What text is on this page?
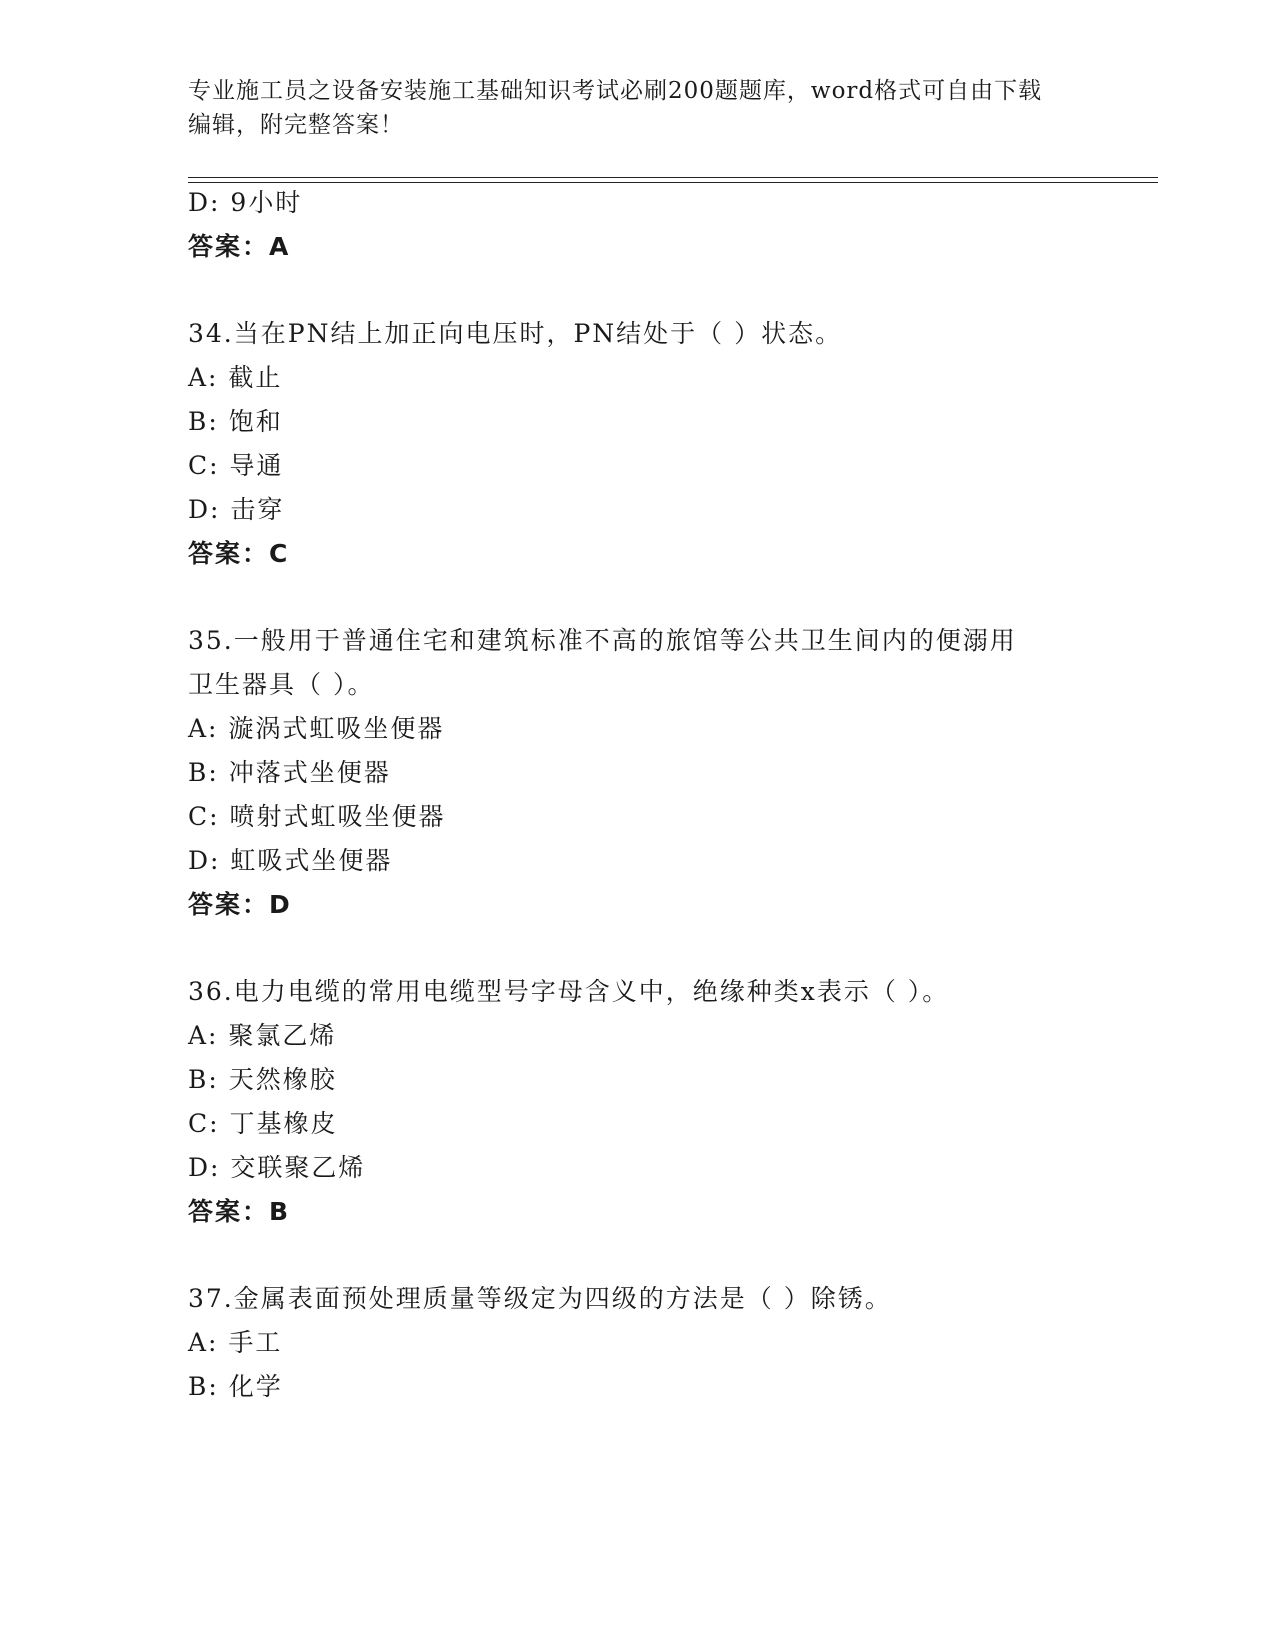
专业施工员之设备安装施工基础知识考试必刷200题题库，word格式可自由下载
编辑，附完整答案！
D: 9小时
答案：A
34.当在PN结上加正向电压时，PN结处于（ ）状态。
A: 截止
B: 饱和
C: 导通
D: 击穿
答案：C
35.一般用于普通住宅和建筑标准不高的旅馆等公共卫生间内的便溺用
卫生器具（ ）。
A: 漩涡式虹吸坐便器
B: 冲落式坐便器
C: 喷射式虹吸坐便器
D: 虹吸式坐便器
答案：D
36.电力电缆的常用电缆型号字母含义中，绝缘种类x表示（ ）。
A: 聚氯乙烯
B: 天然橡胶
C: 丁基橡皮
D: 交联聚乙烯
答案：B
37.金属表面预处理质量等级定为四级的方法是（ ）除锈。
A: 手工
B: 化学
